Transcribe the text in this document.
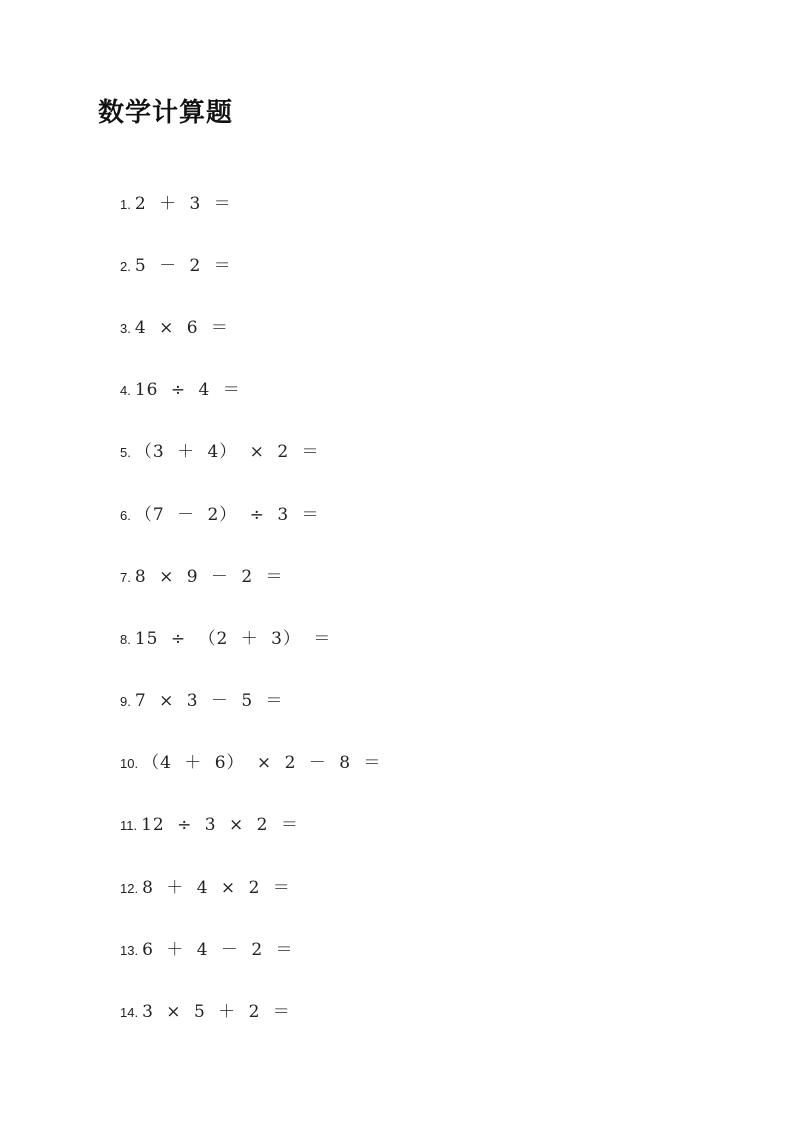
数学计算题
1. 2 ＋ 3 ＝
2. 5 － 2 ＝
3. 4 × 6 ＝
4. 16 ÷ 4 ＝
5. （3 ＋ 4） × 2 ＝
6. （7 － 2） ÷ 3 ＝
7. 8 × 9 － 2 ＝
8. 15 ÷ （2 ＋ 3） ＝
9. 7 × 3 － 5 ＝
10. （4 ＋ 6） × 2 － 8 ＝
11. 12 ÷ 3 × 2 ＝
12. 8 ＋ 4 × 2 ＝
13. 6 ＋ 4 － 2 ＝
14. 3 × 5 ＋ 2 ＝
